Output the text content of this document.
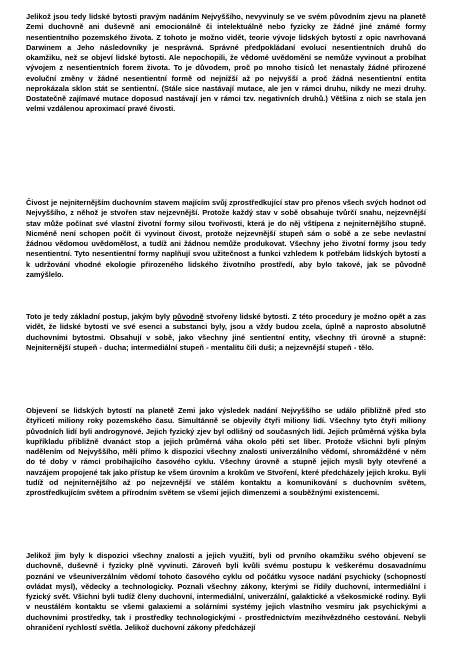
Jelikož jsou tedy lidské bytosti pravým nadáním Nejvyššího, nevyvinuly se ve svém původním zjevu na planetě Zemi duchovně ani duševně ani emocionálně či intelektuálně nebo fyzicky ze žádné jiné známé formy nesentientního pozemského života. Z tohoto je možno vidět, teorie vývoje lidských bytostí z opic navrhovaná Darwinem a Jeho následovníky je nesprávná. Správné předpokládaní evoluci nesentientních druhů do okamžiku, než se objeví lidské bytosti. Ale nepochopili, že vědomé uvědomění se nemůže vyvinout a probíhat vývojem z nesentientních forem života. To je důvodem, proč po mnoho tisíců let nenastaly žádné přirozené evoluční změny v žádné nesentientní formě od nejnižší až po nejvyšší a proč žádná nesentientní entita neprokázala sklon stát se sentientní. (Stále sice nastávají mutace, ale jen v rámci druhu, nikdy ne mezi druhy. Dostatečně zajímavé mutace doposud nastávají jen v rámci tzv. negativních druhů.) Většina z nich se stala jen velmi vzdálenou aproximací pravé čivosti.

Čivost je nejniternějším duchovním stavem majícím svůj zprostředkující stav pro přenos všech svých hodnot od Nejvyššího, z něhož je stvořen stav nejzevnější. Protože každý stav v sobě obsahuje tvůrčí snahu, nejzevnější stav může počínat své vlastní životní formy silou tvořivosti, která je do něj vštípena z nejniternějšího stupně. Nicméně není schopen počít či vyvinout čivost, protože nejzevnější stupeň sám o sobě a ze sebe nevlastní žádnou vědomou uvědomělost, a tudíž ani žádnou nemůže produkovat. Všechny jeho životní formy jsou tedy nesentientní. Tyto nesentientní formy naplňují svou užitečnost a funkci vzhledem k potřebám lidských bytostí a k udržování vhodné ekologie přirozeného lidského životního prostředí, aby bylo takové, jak se původně zamýšlelo.

Toto je tedy základní postup, jakým byly původně stvořeny lidské bytosti. Z této procedury je možno opět a zas vidět, že lidské bytosti ve své esenci a substanci byly, jsou a vždy budou zcela, úplně a naprosto absolutně duchovními bytostmi. Obsahují v sobě, jako všechny jiné sentientní entity, všechny tři úrovně a stupně: Nejniternější stupeň - ducha; intermediální stupeň - mentalitu čili duši; a nejzevnější stupeň - tělo.

Objevení se lidských bytostí na planetě Zemi jako výsledek nadání Nejvyššího se událo přibližně před sto čtyřiceti miliony roky pozemského času. Simultánně se objevily čtyři miliony lidí. Všechny tyto čtyři miliony původních lidí byli androgynové. Jejich fyzický zjev byl odlišný od současných lidí. Jejich průměrná výška byla kupříkladu přibližně dvanáct stop a jejich průměrná váha okolo pěti set liber. Protože všichni byli plným nadělením od Nejvyššího, měli přímo k dispozici všechny znalosti univerzálního vědomí, shromážděné v něm do té doby v rámci probíhajícího časového cyklu. Všechny úrovně a stupně jejich mysli byly otevřené a navzájem propojené tak jako přístup ke všem úrovním a krokům ve Stvoření, které předcházely jejich kroku. Byli tudíž od nejniternějšího až po nejzevnější ve stálém kontaktu a komunikování s duchovním světem, zprostředkujícím světem a přírodním světem se všemi jejich dimenzemi a souběžnými existencemi.

Jelikož jim byly k dispozici všechny znalosti a jejich využití, byli od prvního okamžiku svého objevení se duchovně, duševně i fyzicky plně vyvinuti. Zároveň byli kvůli svému postupu k veškerému dosavadnímu poznání ve všeuniverzálním vědomí tohoto časového cyklu od počátku vysoce nadání psychicky (schopností ovládat mysl), vědecky a technologicky. Poznali všechny zákony, kterými se řídily duchovní, intermediální i fyzický svět. Všichni byli tudíž členy duchovní, intermediální, univerzální, galaktické a všekosmické rodiny. Byli v neustálém kontaktu se všemi galaxiemi a solárními systémy jejich vlastního vesmíru jak psychickými a duchovními prostředky, tak i prostředky technologickými - prostřednictvím mezihvězdného cestování. Nebyli ohraničení rychlostí světla. Jelikož duchovní zákony předcházejí
